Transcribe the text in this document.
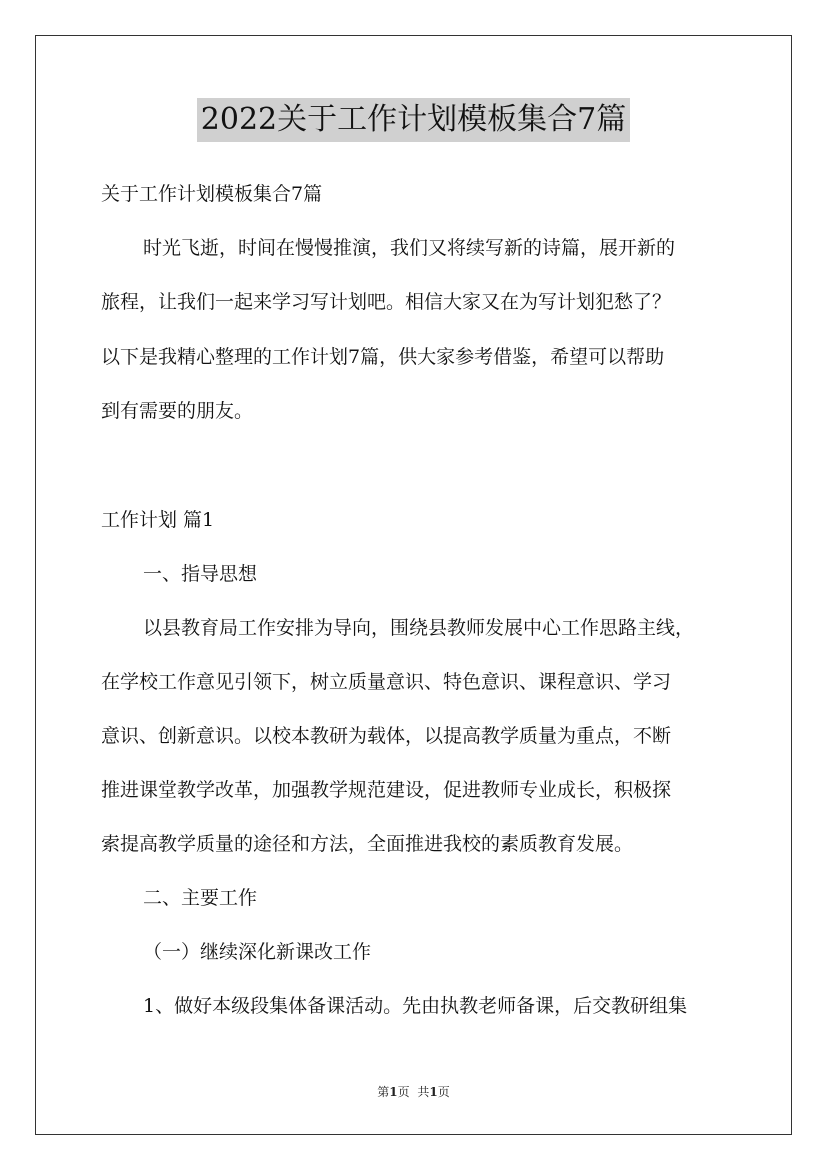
2022关于工作计划模板集合7篇
关于工作计划模板集合7篇
时光飞逝，时间在慢慢推演，我们又将续写新的诗篇，展开新的
旅程，让我们一起来学习写计划吧。相信大家又在为写计划犯愁了？
以下是我精心整理的工作计划7篇，供大家参考借鉴，希望可以帮助
到有需要的朋友。
工作计划 篇1
一、指导思想
以县教育局工作安排为导向，围绕县教师发展中心工作思路主线，
在学校工作意见引领下，树立质量意识、特色意识、课程意识、学习
意识、创新意识。以校本教研为载体，以提高教学质量为重点，不断
推进课堂教学改革，加强教学规范建设，促进教师专业成长，积极探
索提高教学质量的途径和方法，全面推进我校的素质教育发展。
二、主要工作
（一）继续深化新课改工作
1、做好本级段集体备课活动。先由执教老师备课，后交教研组集
第1页 共1页
